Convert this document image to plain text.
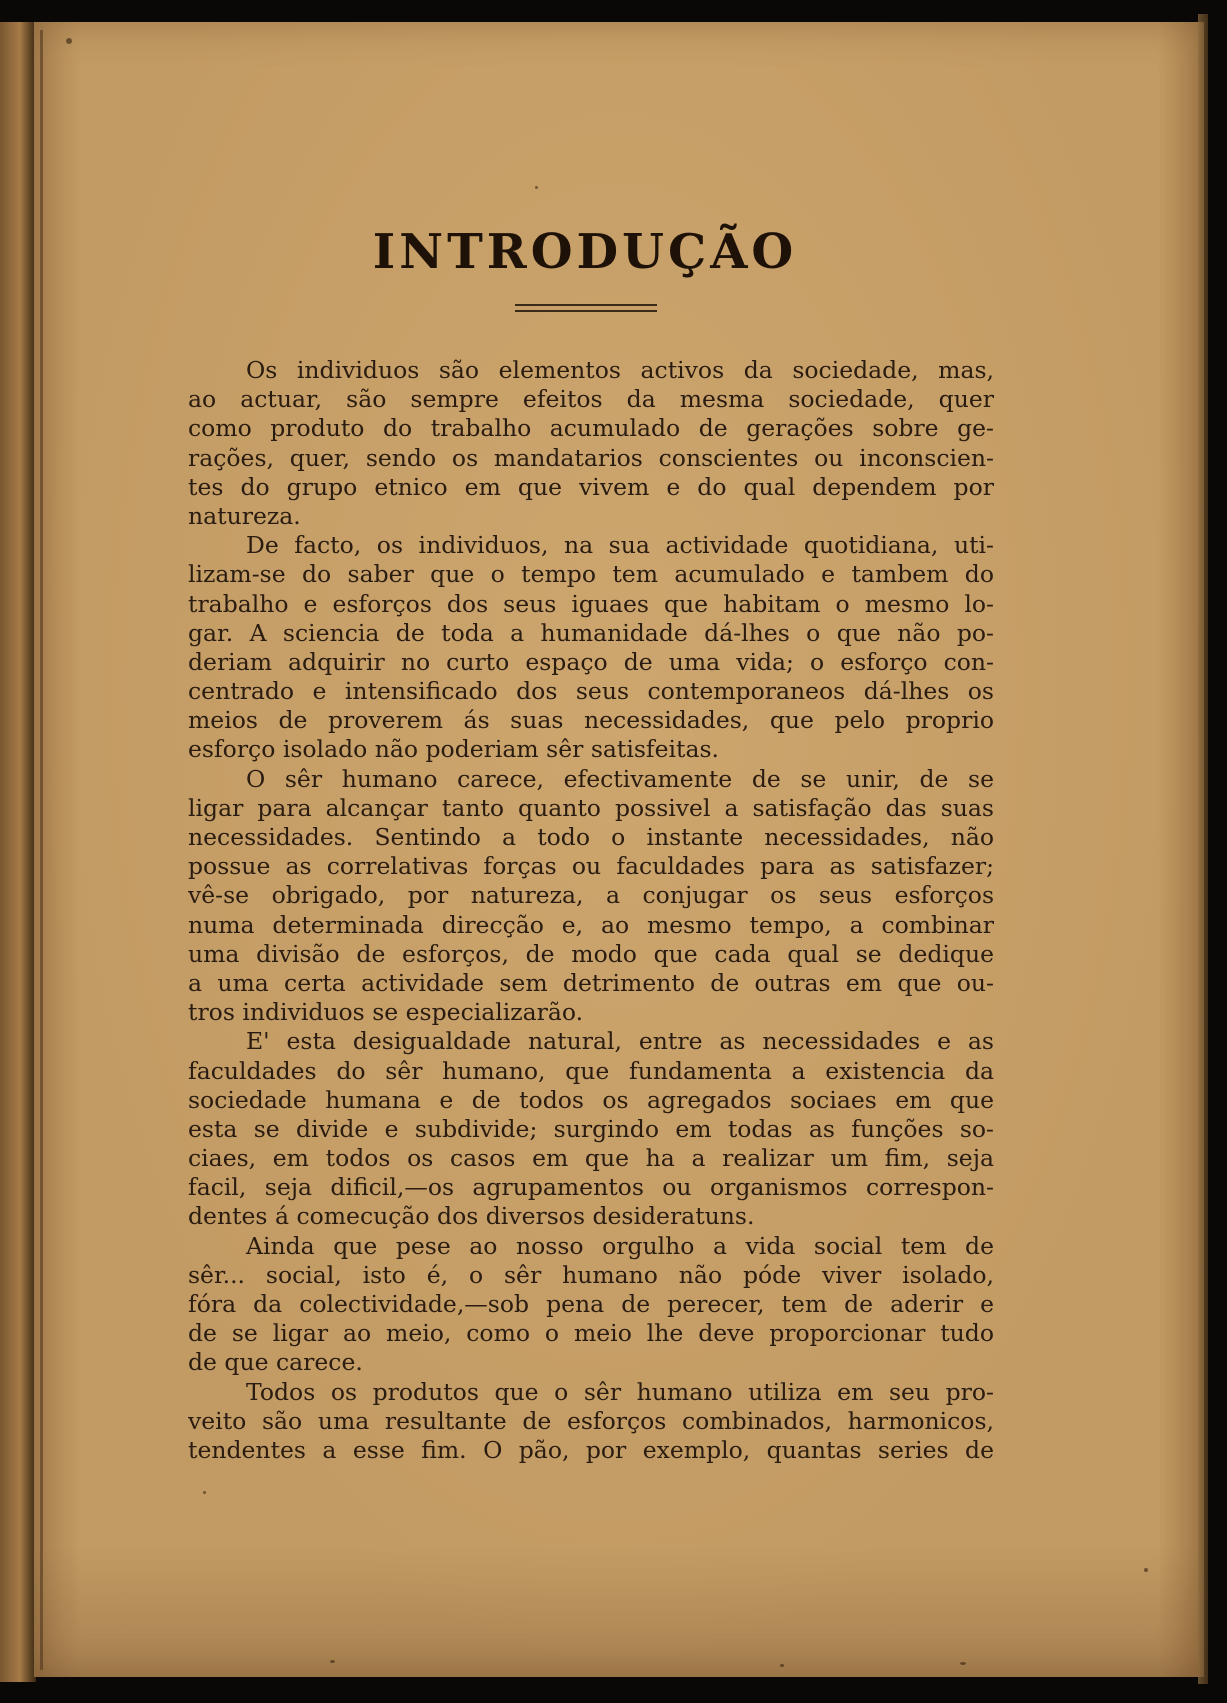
INTRODUÇÃO
Os individuos são elementos activos da sociedade, mas,
ao actuar, são sempre efeitos da mesma sociedade, quer
como produto do trabalho acumulado de gerações sobre ge-
rações, quer, sendo os mandatarios conscientes ou inconscien-
tes do grupo etnico em que vivem e do qual dependem por
natureza.
De facto, os individuos, na sua actividade quotidiana, uti-
lizam-se do saber que o tempo tem acumulado e tambem do
trabalho e esforços dos seus iguaes que habitam o mesmo lo-
gar. A sciencia de toda a humanidade dá-lhes o que não po-
deriam adquirir no curto espaço de uma vida; o esforço con-
centrado e intensificado dos seus contemporaneos dá-lhes os
meios de proverem ás suas necessidades, que pelo proprio
esforço isolado não poderiam sêr satisfeitas.
O sêr humano carece, efectivamente de se unir, de se
ligar para alcançar tanto quanto possivel a satisfação das suas
necessidades. Sentindo a todo o instante necessidades, não
possue as correlativas forças ou faculdades para as satisfazer;
vê-se obrigado, por natureza, a conjugar os seus esforços
numa determinada direcção e, ao mesmo tempo, a combinar
uma divisão de esforços, de modo que cada qual se dedique
a uma certa actividade sem detrimento de outras em que ou-
tros individuos se especializarão.
E' esta desigualdade natural, entre as necessidades e as
faculdades do sêr humano, que fundamenta a existencia da
sociedade humana e de todos os agregados sociaes em que
esta se divide e subdivide; surgindo em todas as funções so-
ciaes, em todos os casos em que ha a realizar um fim, seja
facil, seja dificil,—os agrupamentos ou organismos correspon-
dentes á comecução dos diversos desideratuns.
Ainda que pese ao nosso orgulho a vida social tem de
sêr... social, isto é, o sêr humano não póde viver isolado,
fóra da colectividade,—sob pena de perecer, tem de aderir e
de se ligar ao meio, como o meio lhe deve proporcionar tudo
de que carece.
Todos os produtos que o sêr humano utiliza em seu pro-
veito são uma resultante de esforços combinados, harmonicos,
tendentes a esse fim. O pão, por exemplo, quantas series de
